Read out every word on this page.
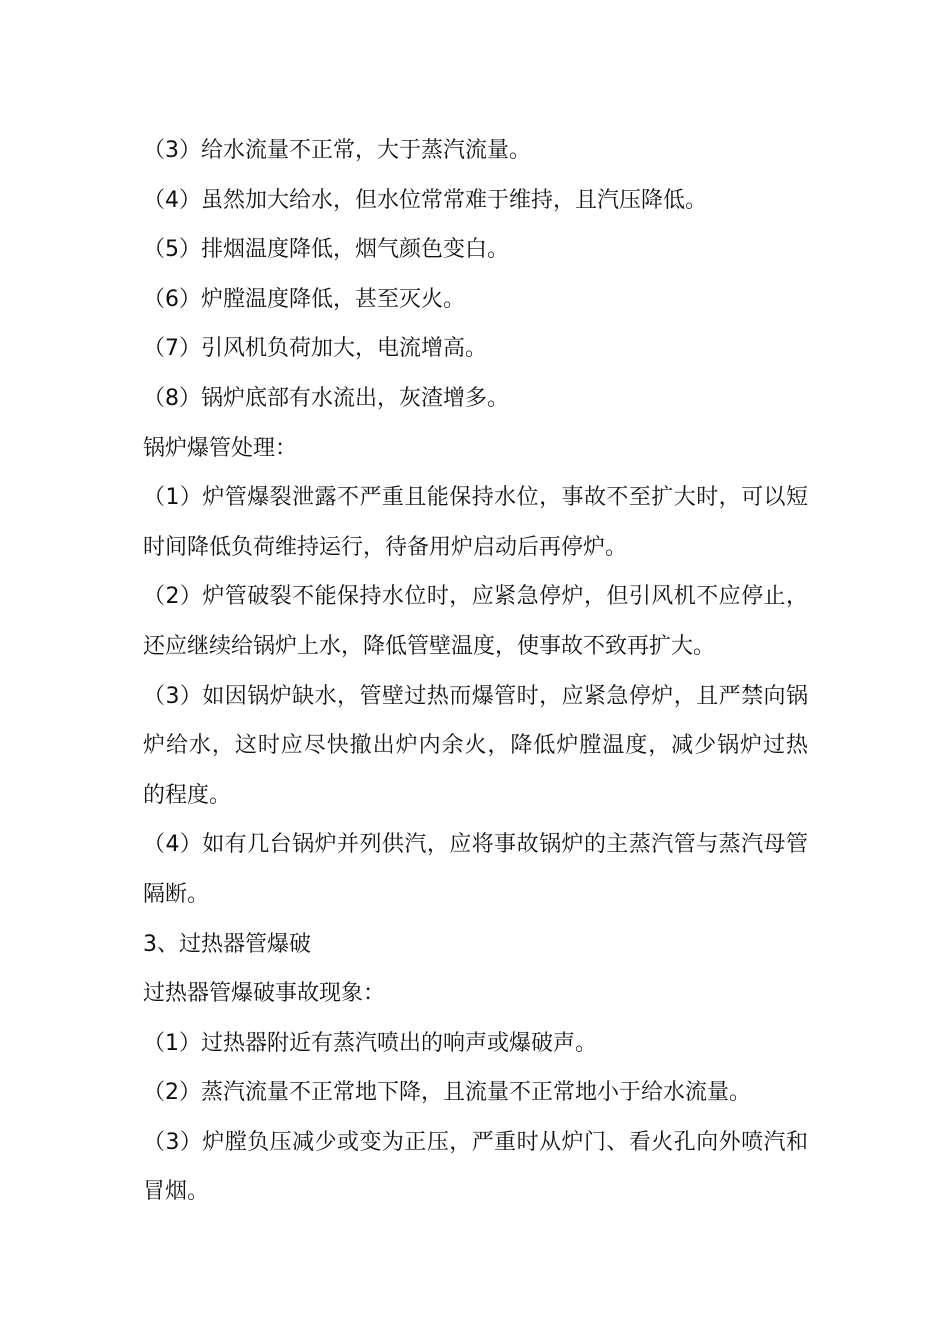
（3）给水流量不正常，大于蒸汽流量。
（4）虽然加大给水，但水位常常难于维持，且汽压降低。
（5）排烟温度降低，烟气颜色变白。
（6）炉膛温度降低，甚至灭火。
（7）引风机负荷加大，电流增高。
（8）锅炉底部有水流出，灰渣增多。
锅炉爆管处理：
（1）炉管爆裂泄露不严重且能保持水位，事故不至扩大时，可以短
时间降低负荷维持运行，待备用炉启动后再停炉。
（2）炉管破裂不能保持水位时，应紧急停炉，但引风机不应停止，
还应继续给锅炉上水，降低管壁温度，使事故不致再扩大。
（3）如因锅炉缺水，管壁过热而爆管时，应紧急停炉，且严禁向锅
炉给水，这时应尽快撤出炉内余火，降低炉膛温度，减少锅炉过热
的程度。
（4）如有几台锅炉并列供汽，应将事故锅炉的主蒸汽管与蒸汽母管
隔断。
3、过热器管爆破
过热器管爆破事故现象：
（1）过热器附近有蒸汽喷出的响声或爆破声。
（2）蒸汽流量不正常地下降，且流量不正常地小于给水流量。
（3）炉膛负压减少或变为正压，严重时从炉门、看火孔向外喷汽和
冒烟。
